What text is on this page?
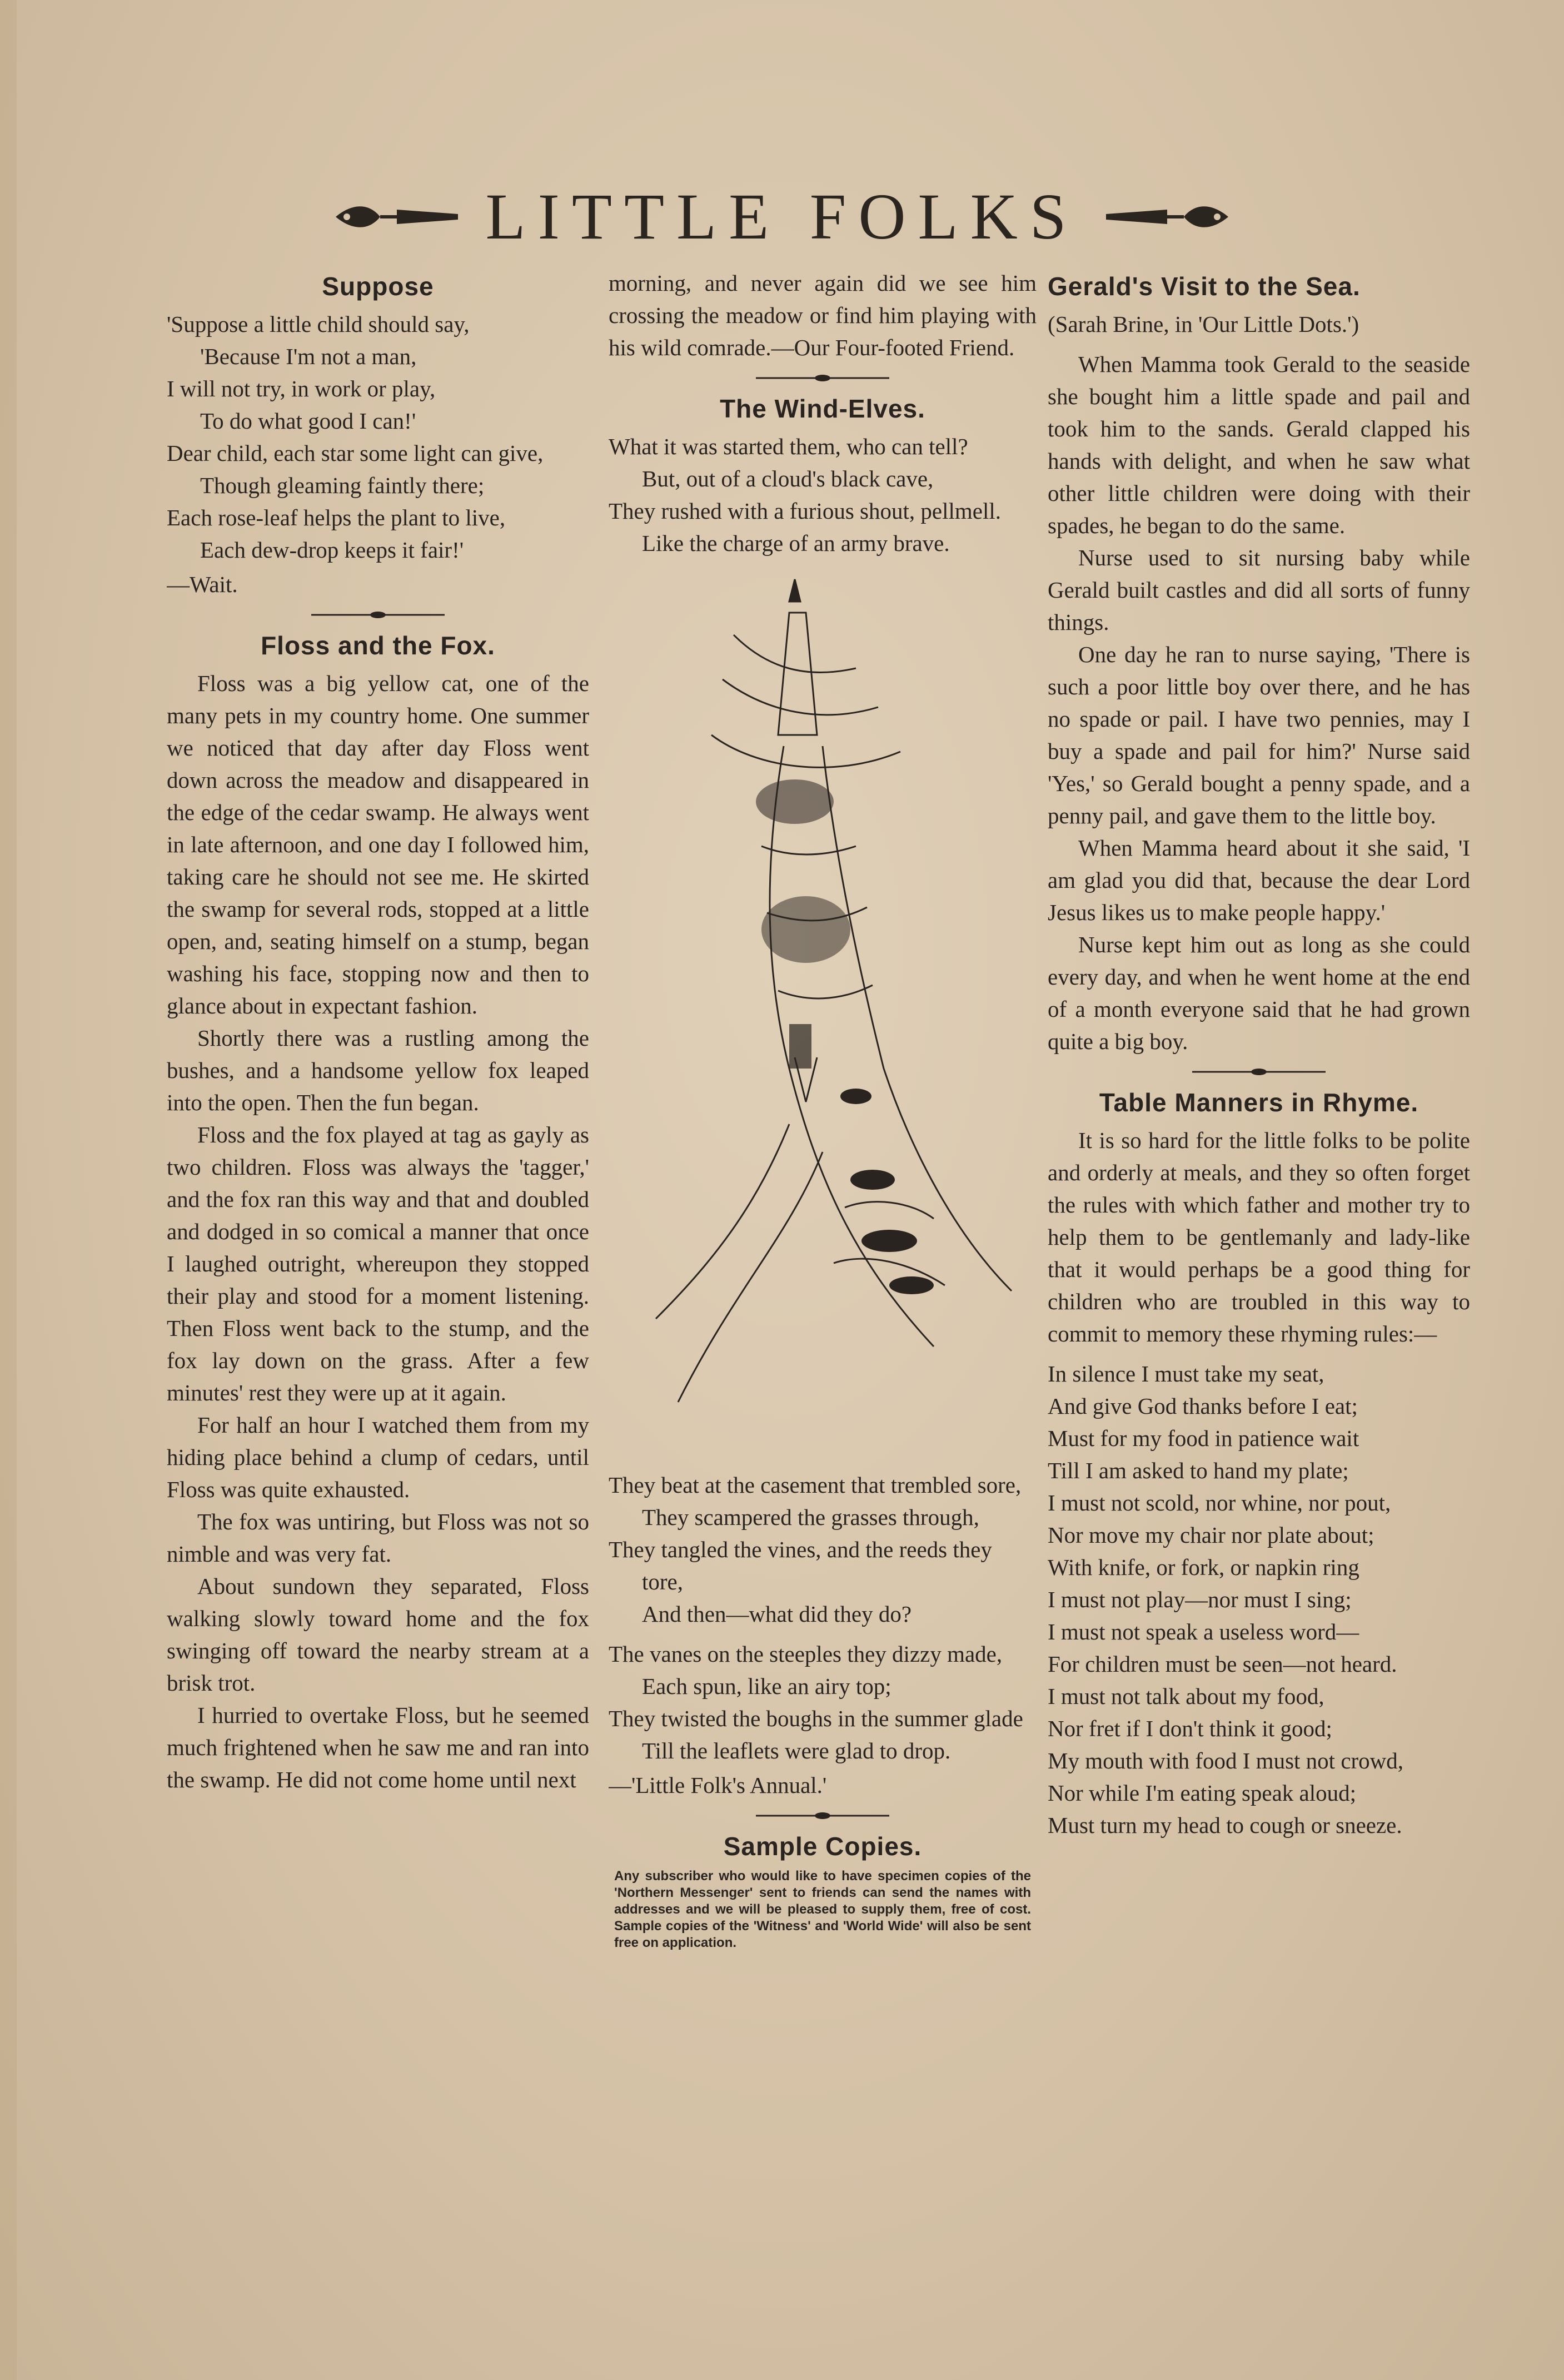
LITTLE FOLKS
Suppose
'Suppose a little child should say,
'Because I'm not a man,
I will not try, in work or play,
To do what good I can!'
Dear child, each star some light can give,
Though gleaming faintly there;
Each rose-leaf helps the plant to live,
Each dew-drop keeps it fair!'
—Wait.
Floss and the Fox.

Floss was a big yellow cat, one of the many pets in my country home. One summer we noticed that day after day Floss went down across the meadow and disappeared in the edge of the cedar swamp. He always went in late afternoon, and one day I followed him, taking care he should not see me. He skirted the swamp for several rods, stopped at a little open, and, seating himself on a stump, began washing his face, stopping now and then to glance about in expectant fashion.

Shortly there was a rustling among the bushes, and a handsome yellow fox leaped into the open. Then the fun began.

Floss and the fox played at tag as gayly as two children. Floss was always the 'tagger,' and the fox ran this way and that and doubled and dodged in so comical a manner that once I laughed outright, whereupon they stopped their play and stood for a moment listening. Then Floss went back to the stump, and the fox lay down on the grass. After a few minutes' rest they were up at it again.

For half an hour I watched them from my hiding place behind a clump of cedars, until Floss was quite exhausted.

The fox was untiring, but Floss was not so nimble and was very fat.

About sundown they separated, Floss walking slowly toward home and the fox swinging off toward the nearby stream at a brisk trot.

I hurried to overtake Floss, but he seemed much frightened when he saw me and ran into the swamp. He did not come home until next

morning, and never again did we see him crossing the meadow or find him playing with his wild comrade.—Our Four-footed Friend.

The Wind-Elves.
What it was started them, who can tell?
But, out of a cloud's black cave,
They rushed with a furious shout, pellmell.
Like the charge of an army brave.
They beat at the casement that trembled sore,
They scampered the grasses through,
They tangled the vines, and the reeds they tore,
And then—what did they do?
The vanes on the steeples they dizzy made,
Each spun, like an airy top;
They twisted the boughs in the summer glade
Till the leaflets were glad to drop.
—'Little Folk's Annual.'
Sample Copies.
Any subscriber who would like to have specimen copies of the 'Northern Messenger' sent to friends can send the names with addresses and we will be pleased to supply them, free of cost. Sample copies of the 'Witness' and 'World Wide' will also be sent free on application.
Gerald's Visit to the Sea.
(Sarah Brine, in 'Our Little Dots.')

When Mamma took Gerald to the seaside she bought him a little spade and pail and took him to the sands. Gerald clapped his hands with delight, and when he saw what other little children were doing with their spades, he began to do the same.

Nurse used to sit nursing baby while Gerald built castles and did all sorts of funny things.

One day he ran to nurse saying, 'There is such a poor little boy over there, and he has no spade or pail. I have two pennies, may I buy a spade and pail for him?' Nurse said 'Yes,' so Gerald bought a penny spade, and a penny pail, and gave them to the little boy.

When Mamma heard about it she said, 'I am glad you did that, because the dear Lord Jesus likes us to make people happy.'

Nurse kept him out as long as she could every day, and when he went home at the end of a month everyone said that he had grown quite a big boy.

Table Manners in Rhyme.

It is so hard for the little folks to be polite and orderly at meals, and they so often forget the rules with which father and mother try to help them to be gentlemanly and lady-like that it would perhaps be a good thing for children who are troubled in this way to commit to memory these rhyming rules:—

In silence I must take my seat,
And give God thanks before I eat;
Must for my food in patience wait
Till I am asked to hand my plate;
I must not scold, nor whine, nor pout,
Nor move my chair nor plate about;
With knife, or fork, or napkin ring
I must not play—nor must I sing;
I must not speak a useless word—
For children must be seen—not heard.
I must not talk about my food,
Nor fret if I don't think it good;
My mouth with food I must not crowd,
Nor while I'm eating speak aloud;
Must turn my head to cough or sneeze.
